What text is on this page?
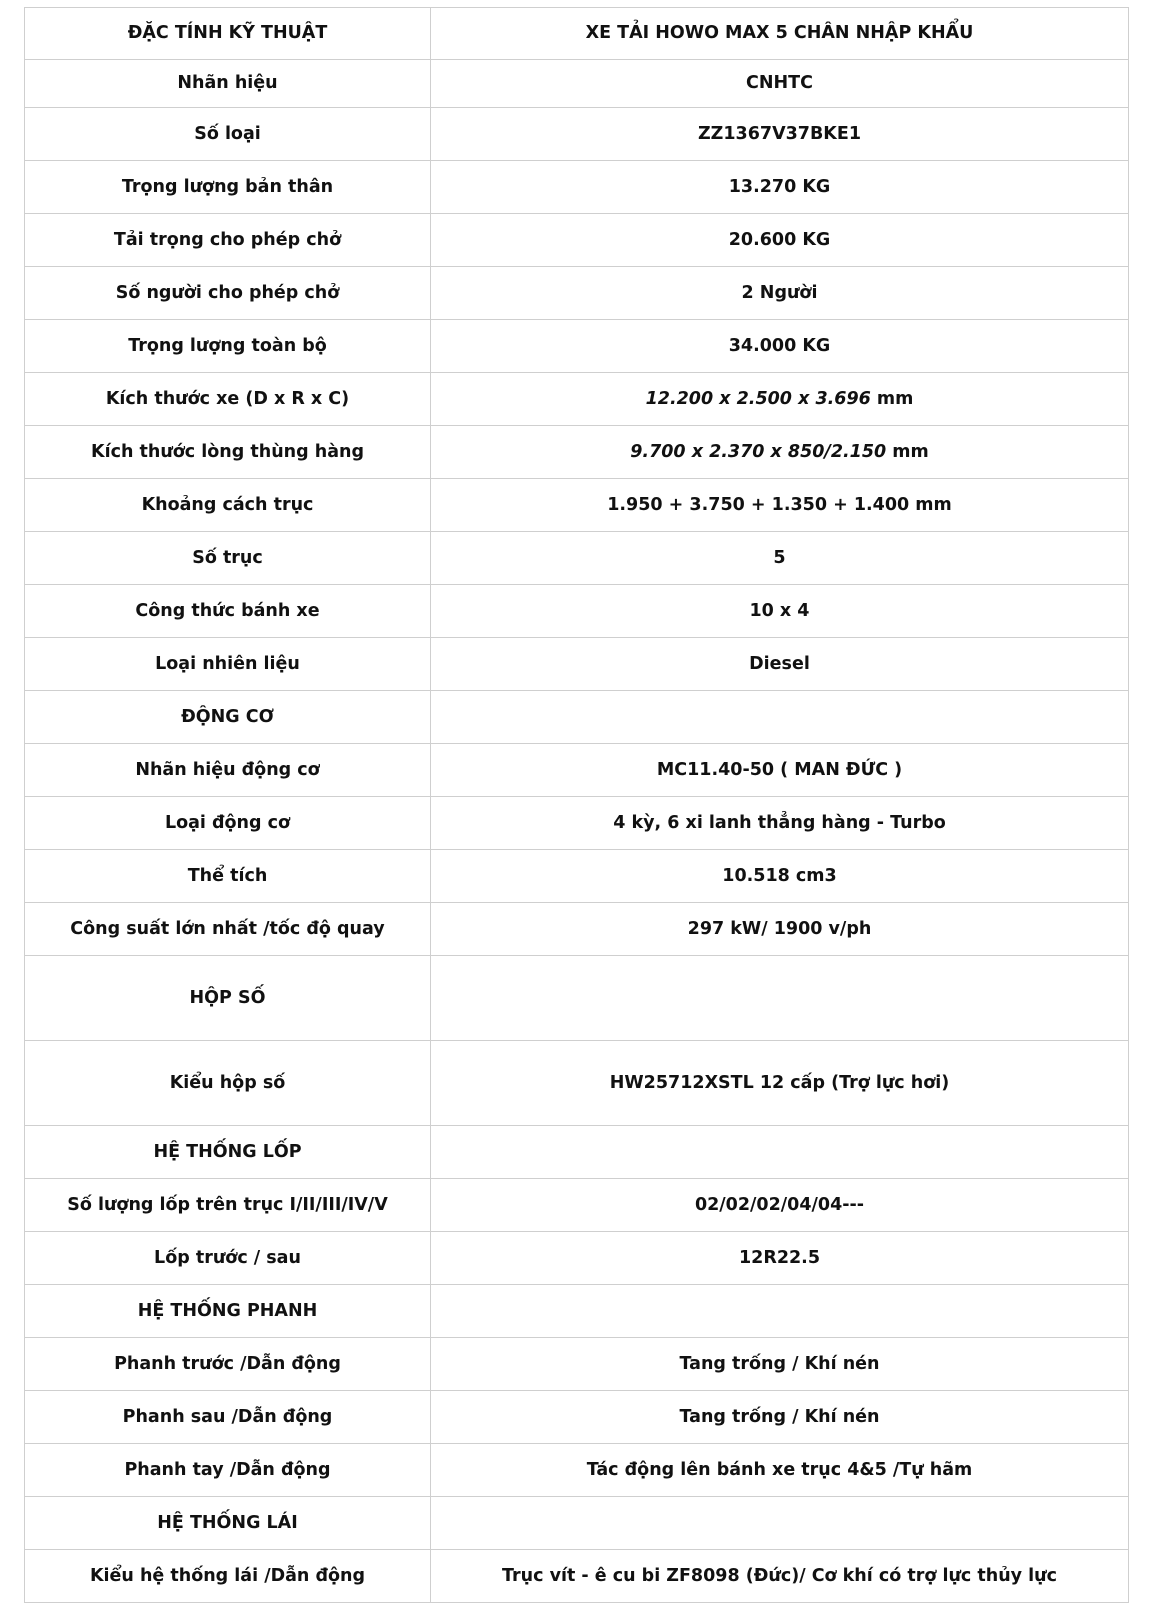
ĐẶC TÍNH KỸ THUẬT	XE TẢI HOWO MAX 5 CHÂN NHẬP KHẨU
Nhãn hiệu	CNHTC
Số loại	ZZ1367V37BKE1
Trọng lượng bản thân	13.270 KG
Tải trọng cho phép chở	20.600 KG
Số người cho phép chở	2 Người
Trọng lượng toàn bộ	34.000 KG
Kích thước xe (D x R x C)	12.200 x 2.500 x 3.696 mm
Kích thước lòng thùng hàng	9.700 x 2.370 x 850/2.150 mm
Khoảng cách trục	1.950 + 3.750 + 1.350 + 1.400 mm
Số trục	5
Công thức bánh xe	10 x 4
Loại nhiên liệu	Diesel
ĐỘNG CƠ	
Nhãn hiệu động cơ	MC11.40-50 ( MAN ĐỨC )
Loại động cơ	4 kỳ, 6 xi lanh thẳng hàng - Turbo
Thể tích	10.518 cm3
Công suất lớn nhất /tốc độ quay	297 kW/ 1900 v/ph
HỘP SỐ	
Kiểu hộp số	HW25712XSTL 12 cấp (Trợ lực hơi)
HỆ THỐNG LỐP	
Số lượng lốp trên trục I/II/III/IV/V	02/02/02/04/04---
Lốp trước / sau	12R22.5
HỆ THỐNG PHANH	
Phanh trước /Dẫn động	Tang trống / Khí nén
Phanh sau /Dẫn động	Tang trống / Khí nén
Phanh tay /Dẫn động	Tác động lên bánh xe trục 4&5 /Tự hãm
HỆ THỐNG LÁI	
Kiểu hệ thống lái /Dẫn động	Trục vít - ê cu bi ZF8098 (Đức)/ Cơ khí có trợ lực thủy lực
